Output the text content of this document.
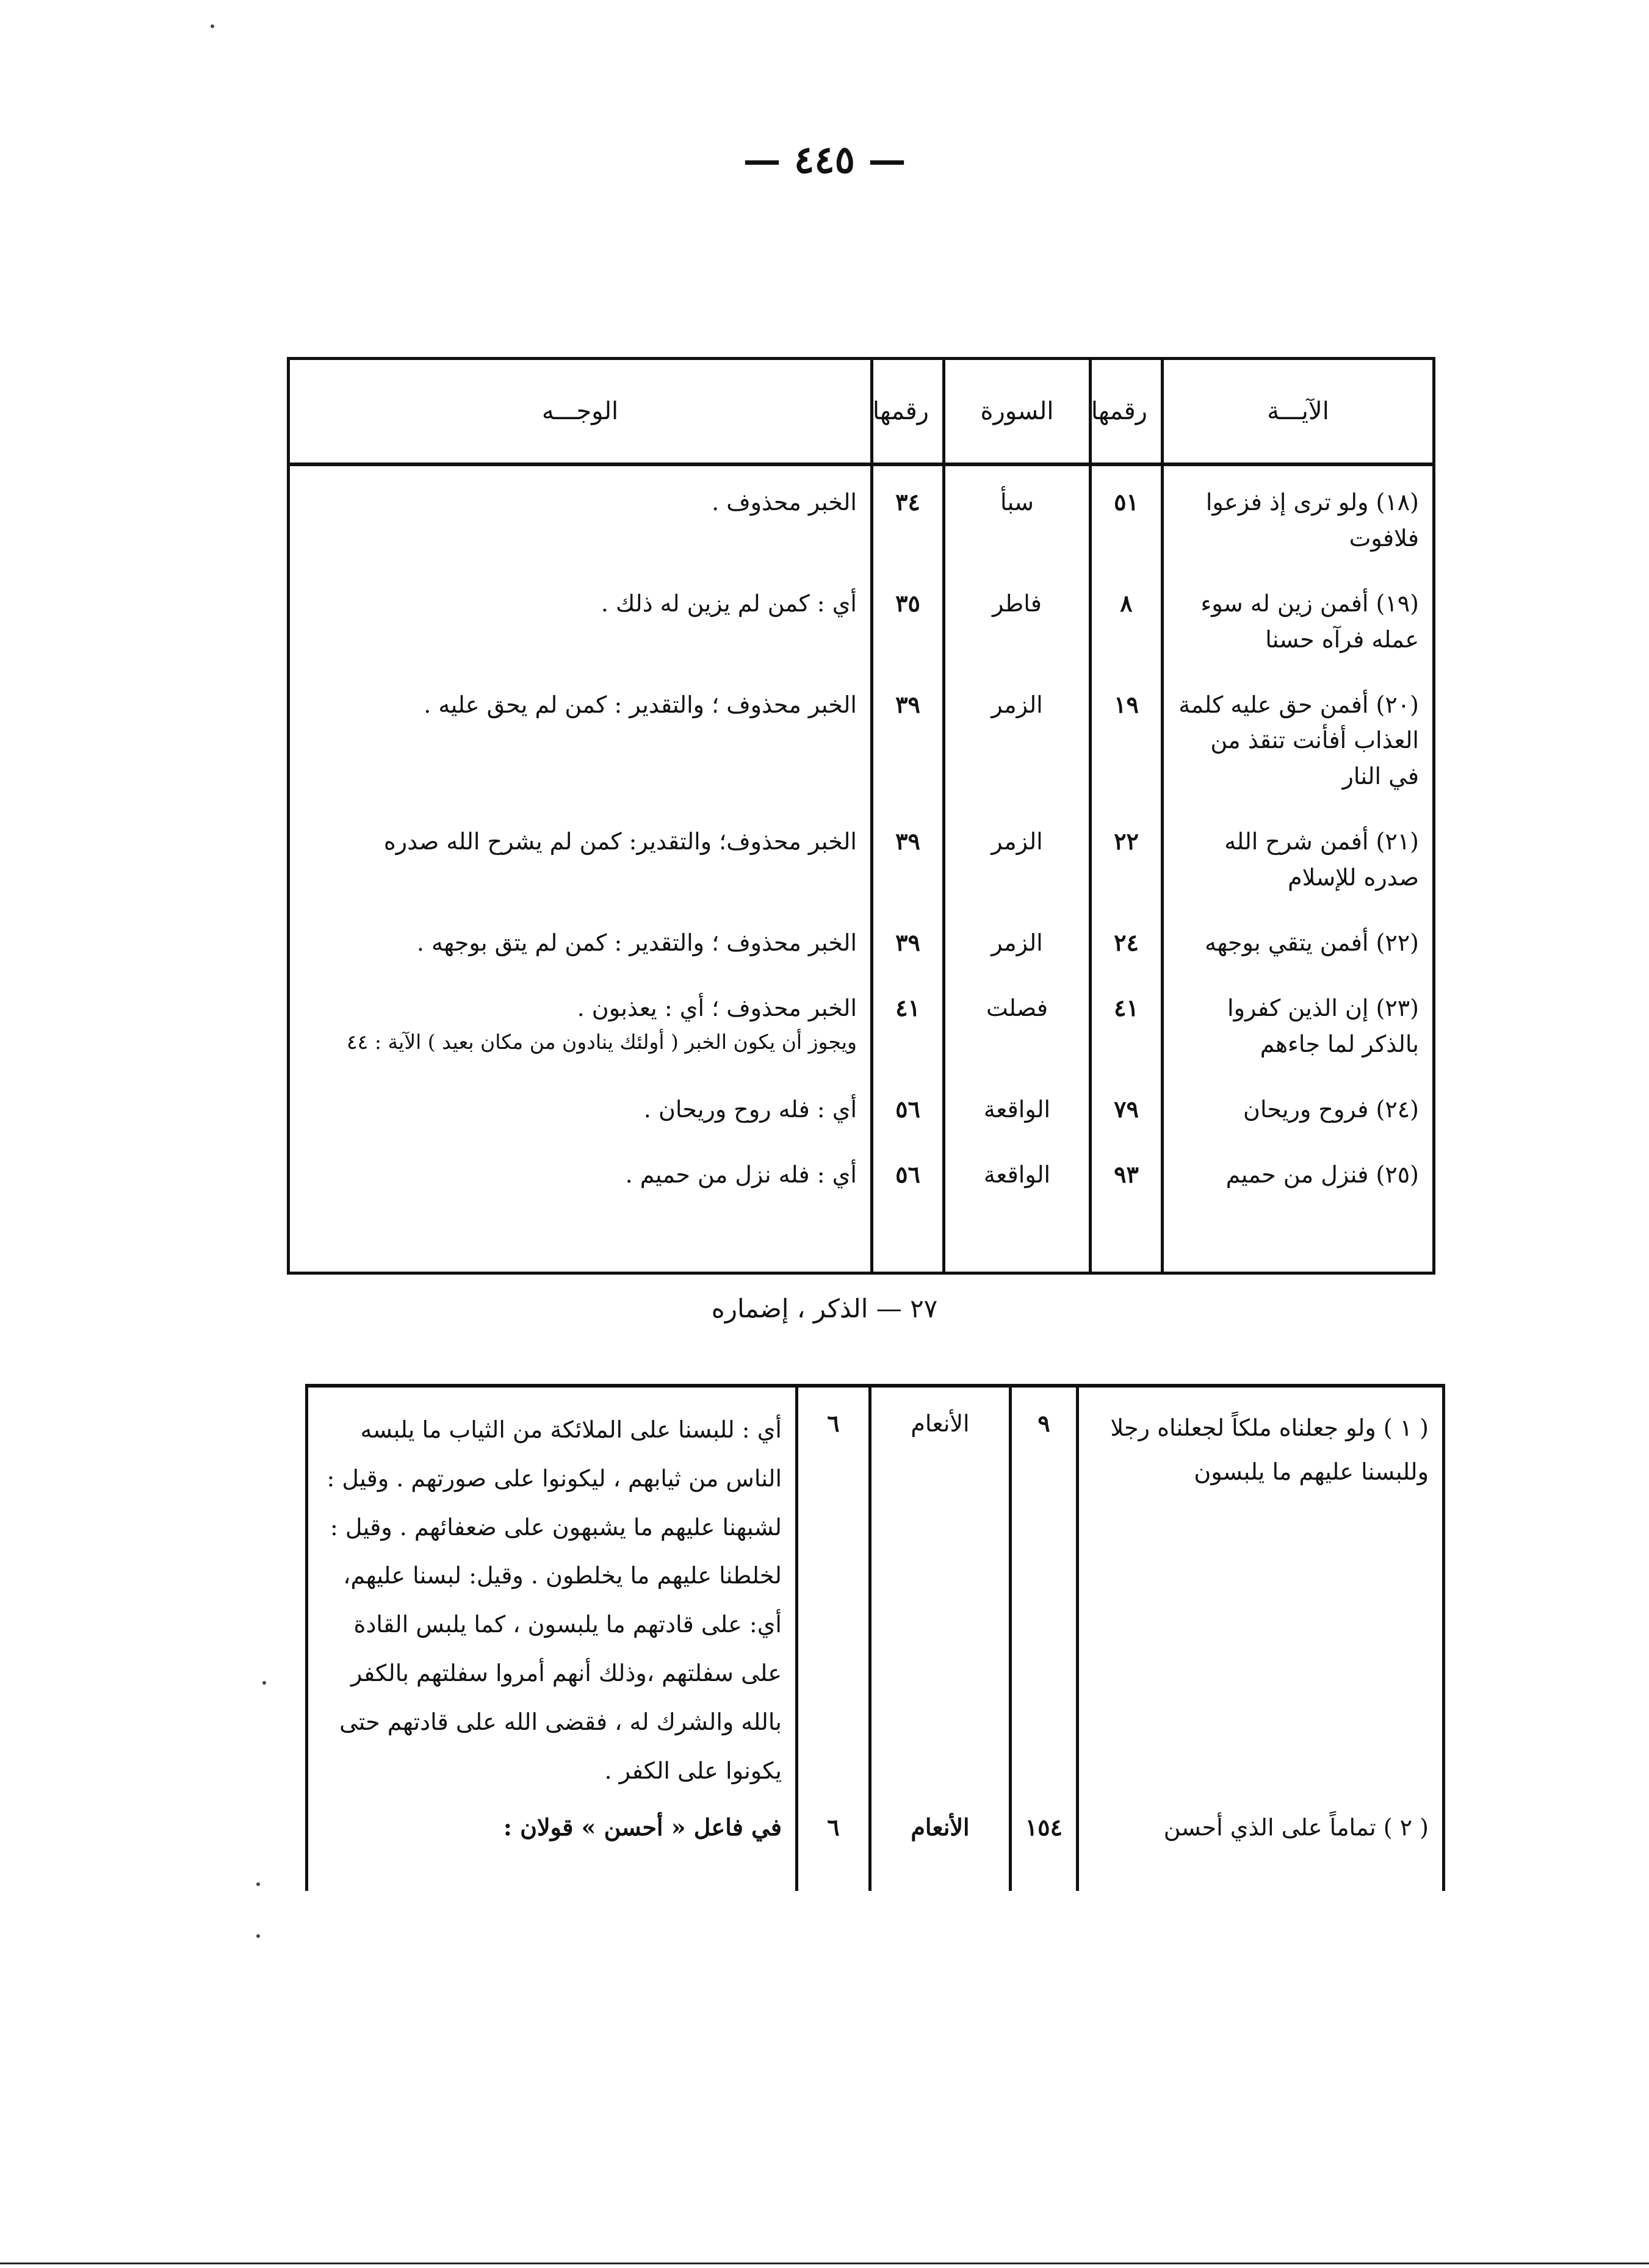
— ٤٤٥ —
الآيـــة	رقمها	السورة	رقمها	الوجـــه
(١٨) ولو ترى إذ فزعوا فلافوت	٥١	سبأ	٣٤	الخبر محذوف .
(١٩) أفمن زين له سوء عمله فرآه حسنا	٨	فاطر	٣٥	أي : كمن لم يزين له ذلك .
(٢٠) أفمن حق عليه كلمة العذاب أفأنت تنقذ من في النار	١٩	الزمر	٣٩	الخبر محذوف ؛ والتقدير : كمن لم يحق عليه .
(٢١) أفمن شرح الله صدره للإسلام	٢٢	الزمر	٣٩	الخبر محذوف؛ والتقدير: كمن لم يشرح الله صدره
(٢٢) أفمن يتقي بوجهه	٢٤	الزمر	٣٩	الخبر محذوف ؛ والتقدير : كمن لم يتق بوجهه .
(٢٣) إن الذين كفروا بالذكر لما جاءهم	٤١	فصلت	٤١	الخبر محذوف ؛ أي : يعذبون .
ويجوز أن يكون الخبر ( أولئك ينادون من مكان بعيد ) الآية : ٤٤

(٢٤) فروح وريحان	٧٩	الواقعة	٥٦	أي : فله روح وريحان .
(٢٥) فنزل من حميم	٩٣	الواقعة	٥٦	أي : فله نزل من حميم .
٢٧ — الذكر ، إضماره
( ١ ) ولو جعلناه ملكاً لجعلناه رجلا وللبسنا عليهم ما يلبسون	٩	الأنعام	٦	أي : للبسنا على الملائكة من الثياب ما يلبسه الناس من ثيابهم ، ليكونوا على صورتهم . وقيل : لشبهنا عليهم ما يشبهون على ضعفائهم . وقيل : لخلطنا عليهم ما يخلطون . وقيل: لبسنا عليهم، أي: على قادتهم ما يلبسون ، كما يلبس القادة على سفلتهم ،وذلك أنهم أمروا سفلتهم بالكفر بالله والشرك له ، فقضى الله على قادتهم حتى يكونوا على الكفر .
( ٢ ) تماماً على الذي أحسن	١٥٤	الأنعام	٦	في فاعل « أحسن » قولان :
